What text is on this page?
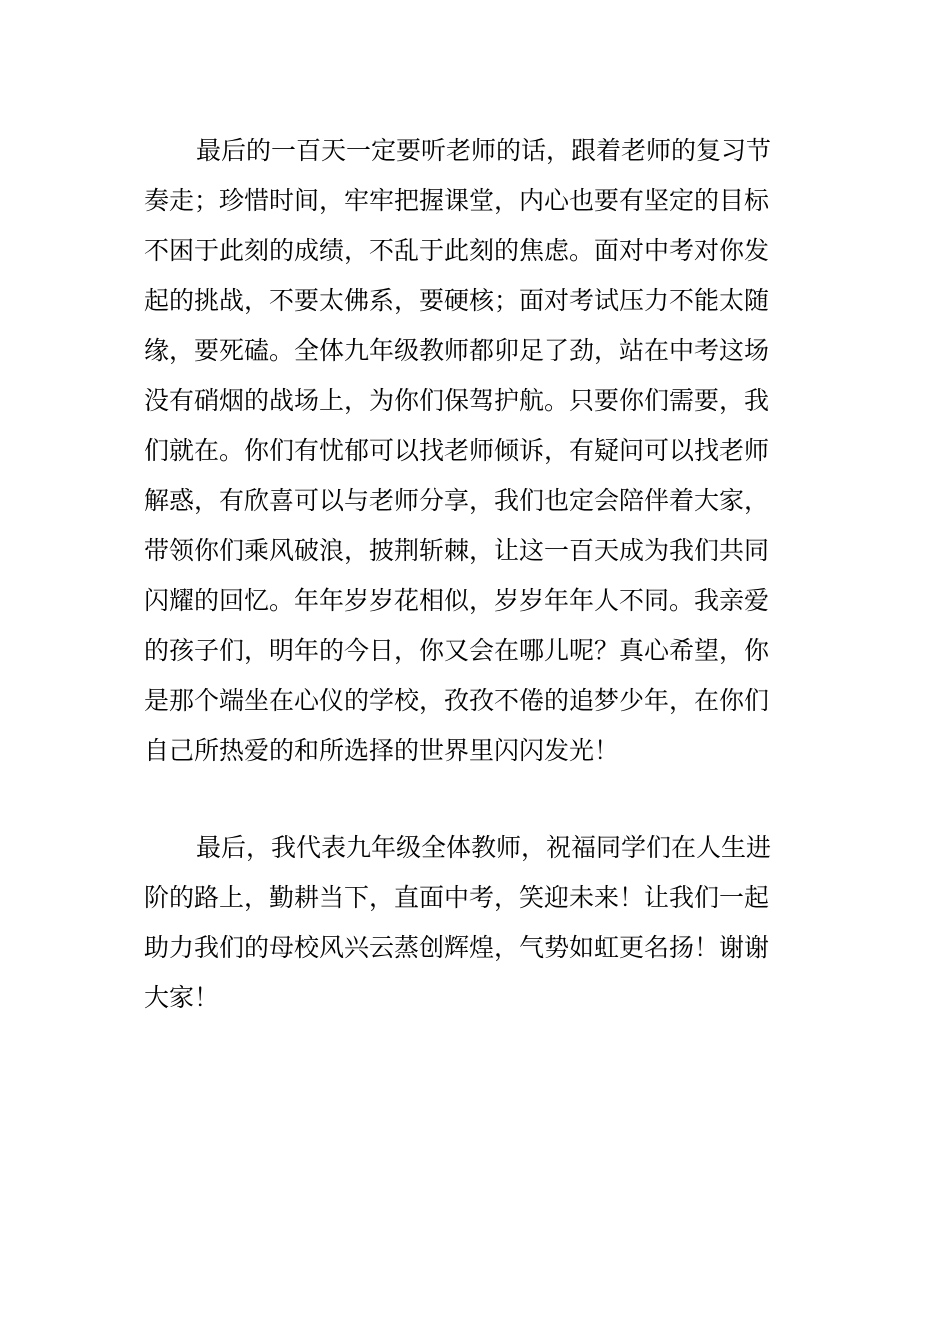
最后的一百天一定要听老师的话，跟着老师的复习节
奏走；珍惜时间，牢牢把握课堂，内心也要有坚定的目标
不困于此刻的成绩，不乱于此刻的焦虑。面对中考对你发
起的挑战，不要太佛系，要硬核；面对考试压力不能太随
缘，要死磕。全体九年级教师都卯足了劲，站在中考这场
没有硝烟的战场上，为你们保驾护航。只要你们需要，我
们就在。你们有忧郁可以找老师倾诉，有疑问可以找老师
解惑，有欣喜可以与老师分享，我们也定会陪伴着大家，
带领你们乘风破浪，披荆斩棘，让这一百天成为我们共同
闪耀的回忆。年年岁岁花相似，岁岁年年人不同。我亲爱
的孩子们，明年的今日，你又会在哪儿呢？真心希望，你
是那个端坐在心仪的学校，孜孜不倦的追梦少年，在你们
自己所热爱的和所选择的世界里闪闪发光！
最后，我代表九年级全体教师，祝福同学们在人生进
阶的路上，勤耕当下，直面中考，笑迎未来！让我们一起
助力我们的母校风兴云蒸创辉煌，气势如虹更名扬！谢谢
大家！
